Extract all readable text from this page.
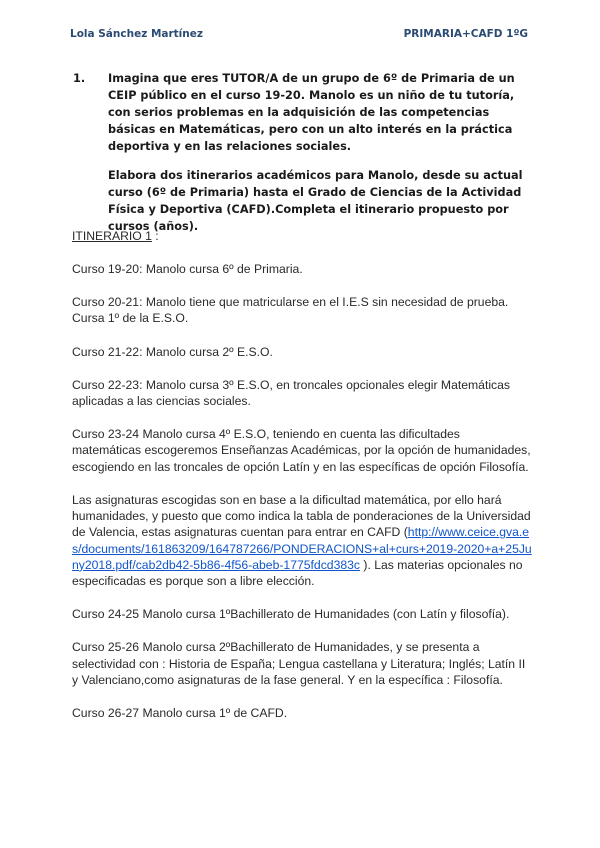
Lola Sánchez Martínez	PRIMARIA+CAFD 1ºG
1. Imagina que eres TUTOR/A de un grupo de 6º de Primaria de un CEIP público en el curso 19-20. Manolo es un niño de tu tutoría, con serios problemas en la adquisición de las competencias básicas en Matemáticas, pero con un alto interés en la práctica deportiva y en las relaciones sociales.

Elabora dos itinerarios académicos para Manolo, desde su actual curso (6º de Primaria) hasta el Grado de Ciencias de la Actividad Física y Deportiva (CAFD).Completa el itinerario propuesto por cursos (años).

ITINERARIO 1 :

Curso 19-20: Manolo cursa 6º de Primaria.

Curso 20-21: Manolo tiene que matricularse en el I.E.S sin necesidad de prueba.
Cursa 1º de la E.S.O.

Curso 21-22: Manolo cursa 2º E.S.O.

Curso 22-23: Manolo cursa 3º E.S.O, en troncales opcionales elegir Matemáticas aplicadas a las ciencias sociales.

Curso 23-24 Manolo cursa 4º E.S.O, teniendo en cuenta las dificultades matemáticas escogeremos Enseñanzas Académicas, por la opción de humanidades, escogiendo en las troncales de opción Latín y en las específicas de opción Filosofía.

Las asignaturas escogidas son en base a la dificultad matemática, por ello hará humanidades, y puesto que como indica la tabla de ponderaciones de la Universidad de Valencia, estas asignaturas cuentan para entrar en CAFD (http://www.ceice.gva.es/documents/161863209/164787266/PONDERACIONS+al+curs+2019-2020+a+25Juny2018.pdf/cab2db42-5b86-4f56-abeb-1775fdcd383c ). Las materias opcionales no especificadas es porque son a libre elección.

Curso 24-25 Manolo cursa 1ºBachillerato de Humanidades (con Latín y filosofía).

Curso 25-26 Manolo cursa 2ºBachillerato de Humanidades, y se presenta a selectividad con : Historia de España; Lengua castellana y Literatura; Inglés; Latín II y Valenciano,como asignaturas de la fase general. Y en la específica : Filosofía.

Curso 26-27 Manolo cursa 1º de CAFD.
